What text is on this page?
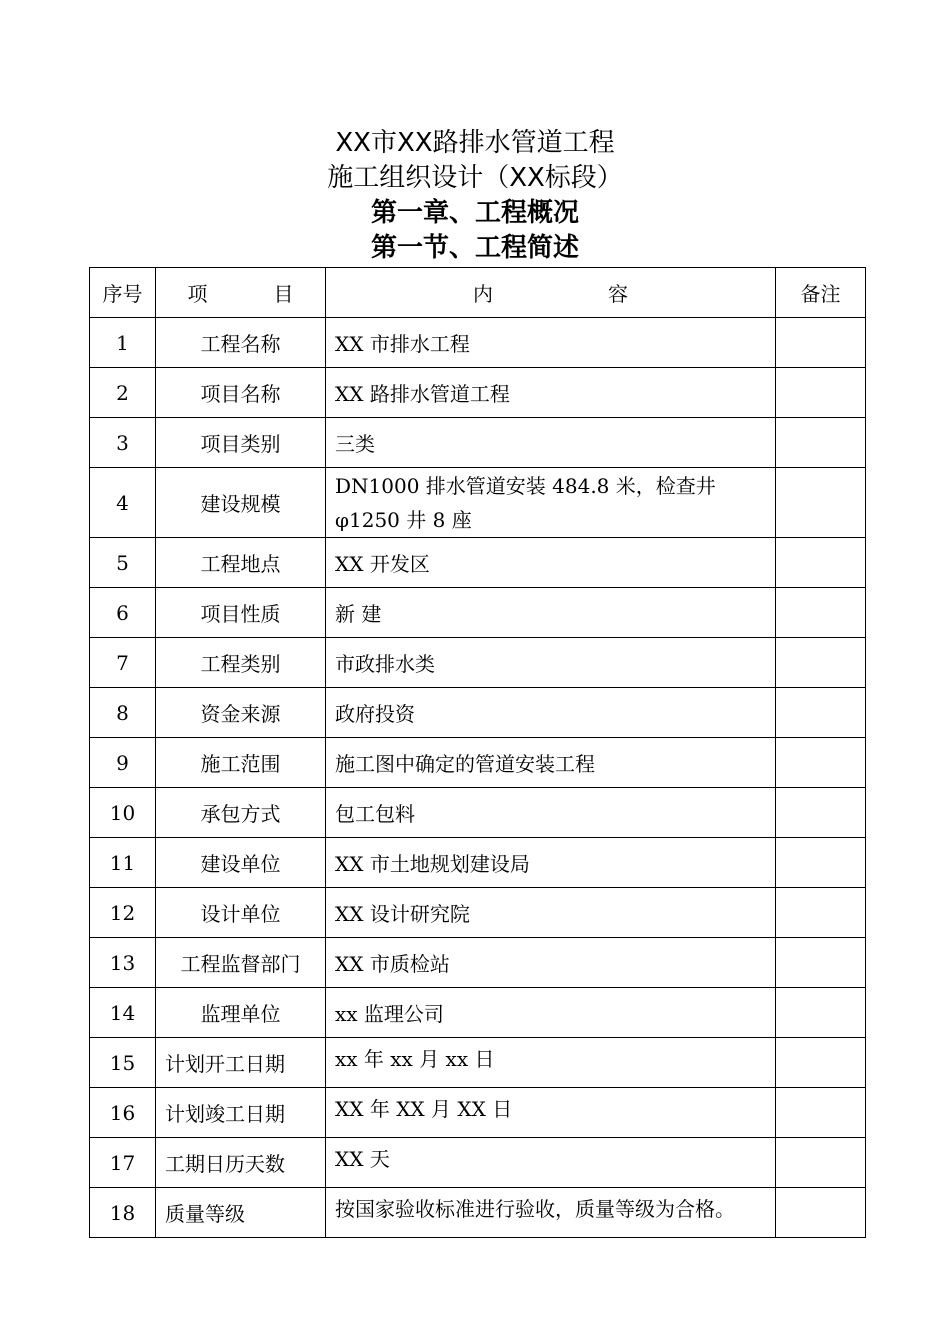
XX市XX路排水管道工程
施工组织设计（XX标段）
第一章、工程概况
第一节、工程简述
序号	项 目	内 容	备注
1	工程名称	XX 市排水工程	
2	项目名称	XX 路排水管道工程	
3	项目类别	三类	
4	建设规模	DN1000 排水管道安装 484.8 米，检查井 φ1250 井 8 座	
5	工程地点	XX 开发区	
6	项目性质	新 建	
7	工程类别	市政排水类	
8	资金来源	政府投资	
9	施工范围	施工图中确定的管道安装工程	
10	承包方式	包工包料	
11	建设单位	XX 市土地规划建设局	
12	设计单位	XX 设计研究院	
13	工程监督部门	XX 市质检站	
14	监理单位	xx 监理公司	
15	计划开工日期	xx 年 xx 月 xx 日	
16	计划竣工日期	XX 年 XX 月 XX 日	
17	工期日历天数	XX 天	
18	质量等级	按国家验收标准进行验收，质量等级为合格。	
